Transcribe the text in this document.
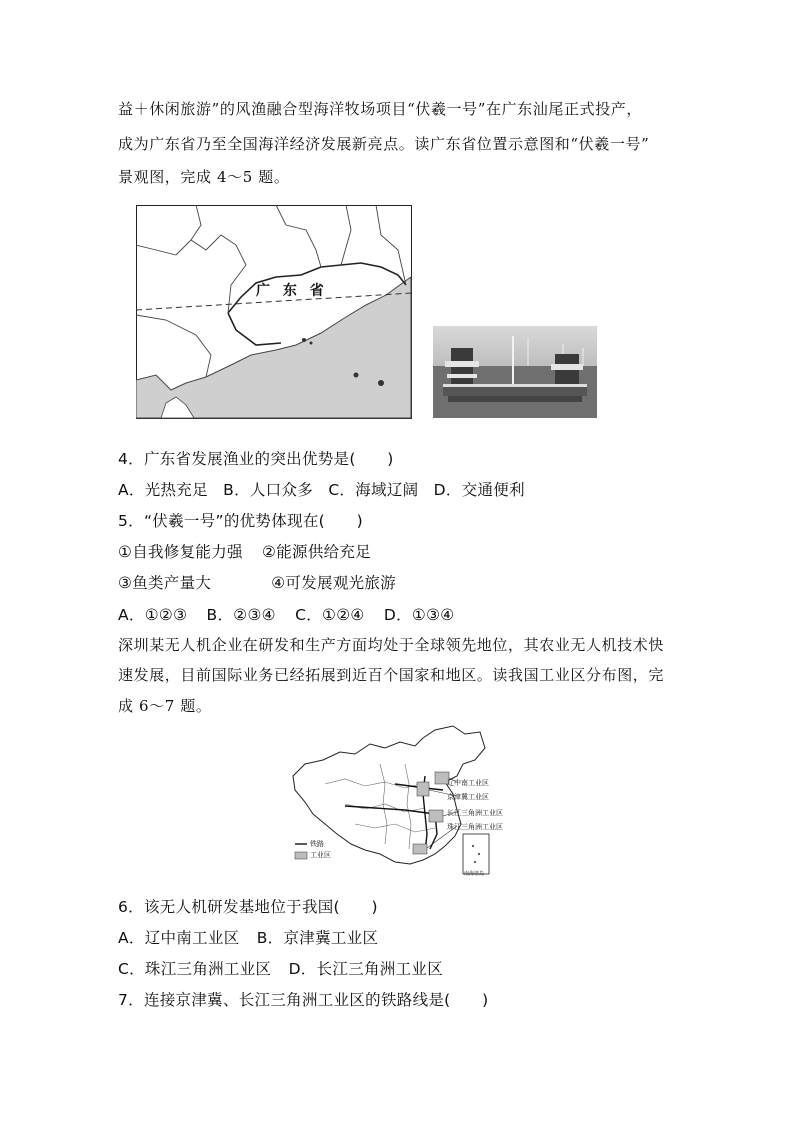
益＋休闲旅游”的风渔融合型海洋牧场项目“伏羲一号”在广东汕尾正式投产，
成为广东省乃至全国海洋经济发展新亮点。读广东省位置示意图和“伏羲一号”
景观图，完成 4～5 题。
广 东 省
4．广东省发展渔业的突出优势是(　　)
A．光热充足 B．人口众多 C．海域辽阔 D．交通便利
5．“伏羲一号”的优势体现在(　　)
①自我修复能力强 ②能源供给充足
③鱼类产量大	④可发展观光旅游
A．①②③ B．②③④ C．①②④ D．①③④
深圳某无人机企业在研发和生产方面均处于全球领先地位，其农业无人机技术快
速发展，目前国际业务已经拓展到近百个国家和地区。读我国工业区分布图，完
成 6～7 题。
辽中南工业区
京津冀工业区
长江三角洲工业区
珠江三角洲工业区
铁路
工业区
南海诸岛
6．该无人机研发基地位于我国(　　)
A．辽中南工业区 B．京津冀工业区
C．珠江三角洲工业区 D．长江三角洲工业区
7．连接京津冀、长江三角洲工业区的铁路线是(　　)
